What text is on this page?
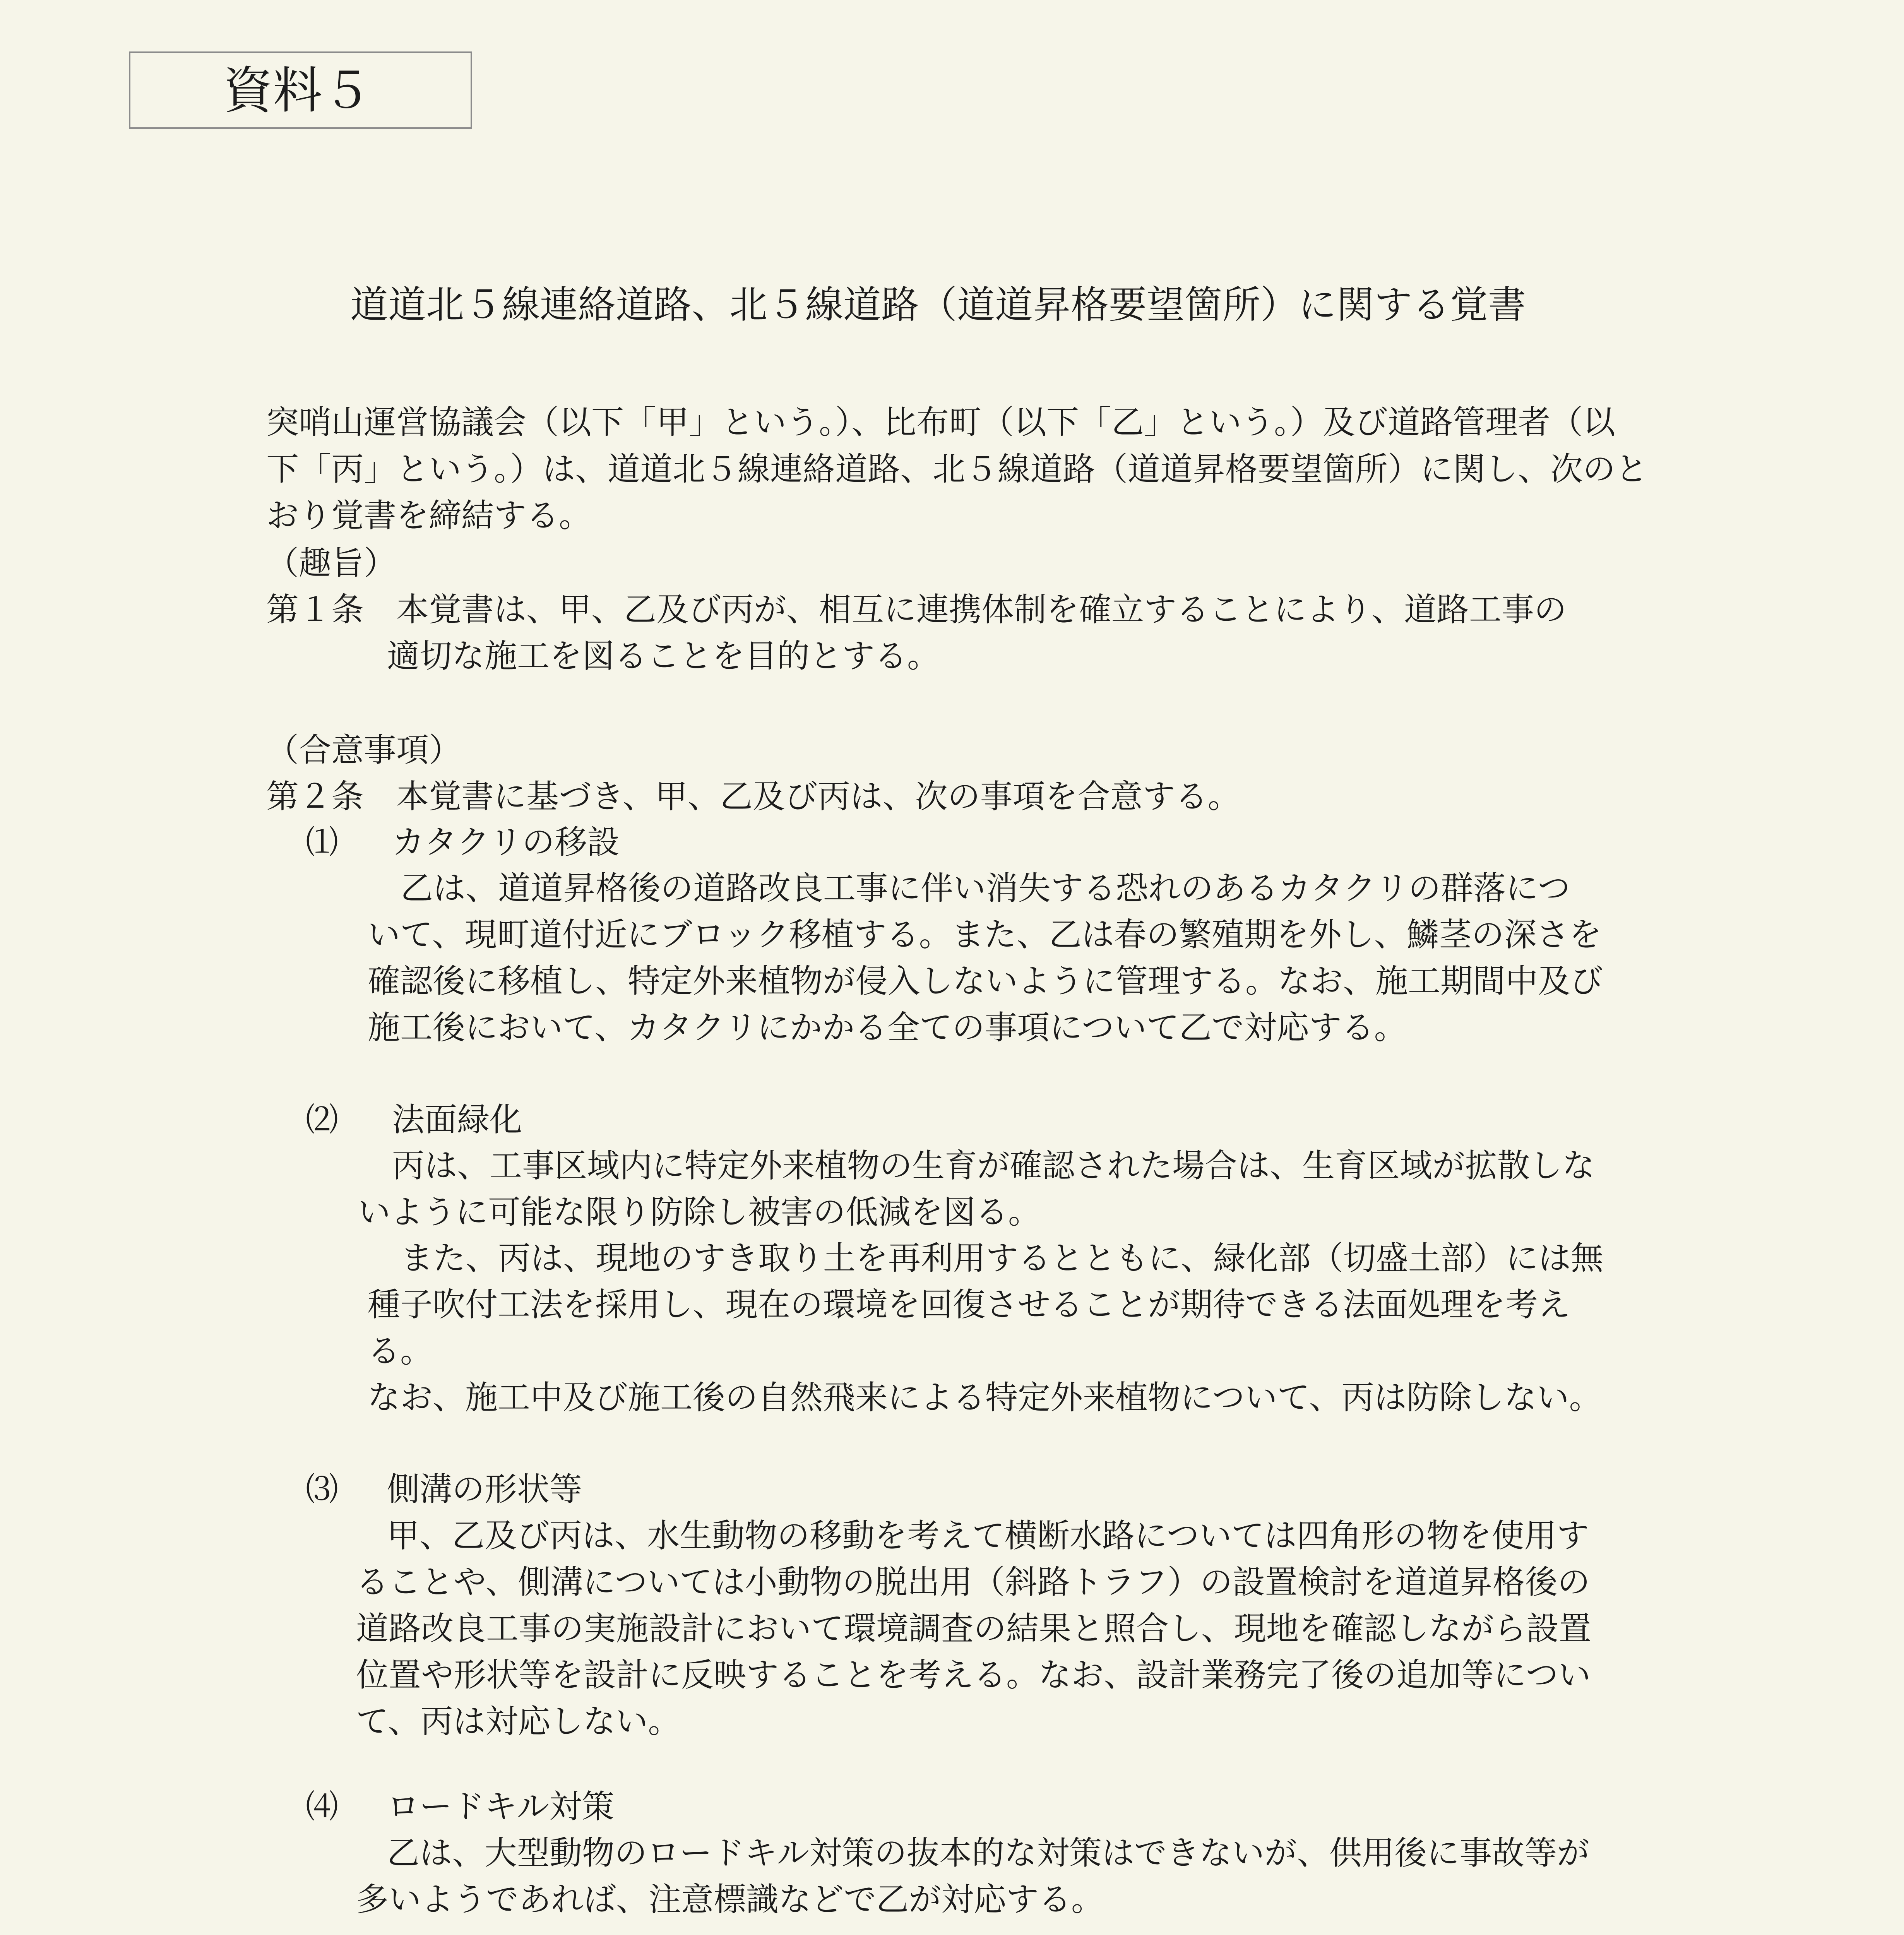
資料５
道道北５線連絡道路、北５線道路（道道昇格要望箇所）に関する覚書
突哨山運営協議会（以下「甲」という。）、比布町（以下「乙」という。）及び道路管理者（以
下「丙」という。）は、道道北５線連絡道路、北５線道路（道道昇格要望箇所）に関し、次のと
おり覚書を締結する。
（趣旨）
第１条　本覚書は、甲、乙及び丙が、相互に連携体制を確立することにより、道路工事の
適切な施工を図ることを目的とする。
（合意事項）
第２条　本覚書に基づき、甲、乙及び丙は、次の事項を合意する。
⑴ カタクリの移設
乙は、道道昇格後の道路改良工事に伴い消失する恐れのあるカタクリの群落につ
いて、現町道付近にブロック移植する。また、乙は春の繁殖期を外し、鱗茎の深さを
確認後に移植し、特定外来植物が侵入しないように管理する。なお、施工期間中及び
施工後において、カタクリにかかる全ての事項について乙で対応する。
⑵ 法面緑化
丙は、工事区域内に特定外来植物の生育が確認された場合は、生育区域が拡散しな
いように可能な限り防除し被害の低減を図る。
また、丙は、現地のすき取り土を再利用するとともに、緑化部（切盛土部）には無
種子吹付工法を採用し、現在の環境を回復させることが期待できる法面処理を考え
る。
なお、施工中及び施工後の自然飛来による特定外来植物について、丙は防除しない。
⑶ 側溝の形状等
甲、乙及び丙は、水生動物の移動を考えて横断水路については四角形の物を使用す
ることや、側溝については小動物の脱出用（斜路トラフ）の設置検討を道道昇格後の
道路改良工事の実施設計において環境調査の結果と照合し、現地を確認しながら設置
位置や形状等を設計に反映することを考える。なお、設計業務完了後の追加等につい
て、丙は対応しない。
⑷ ロードキル対策
乙は、大型動物のロードキル対策の抜本的な対策はできないが、供用後に事故等が
多いようであれば、注意標識などで乙が対応する。
